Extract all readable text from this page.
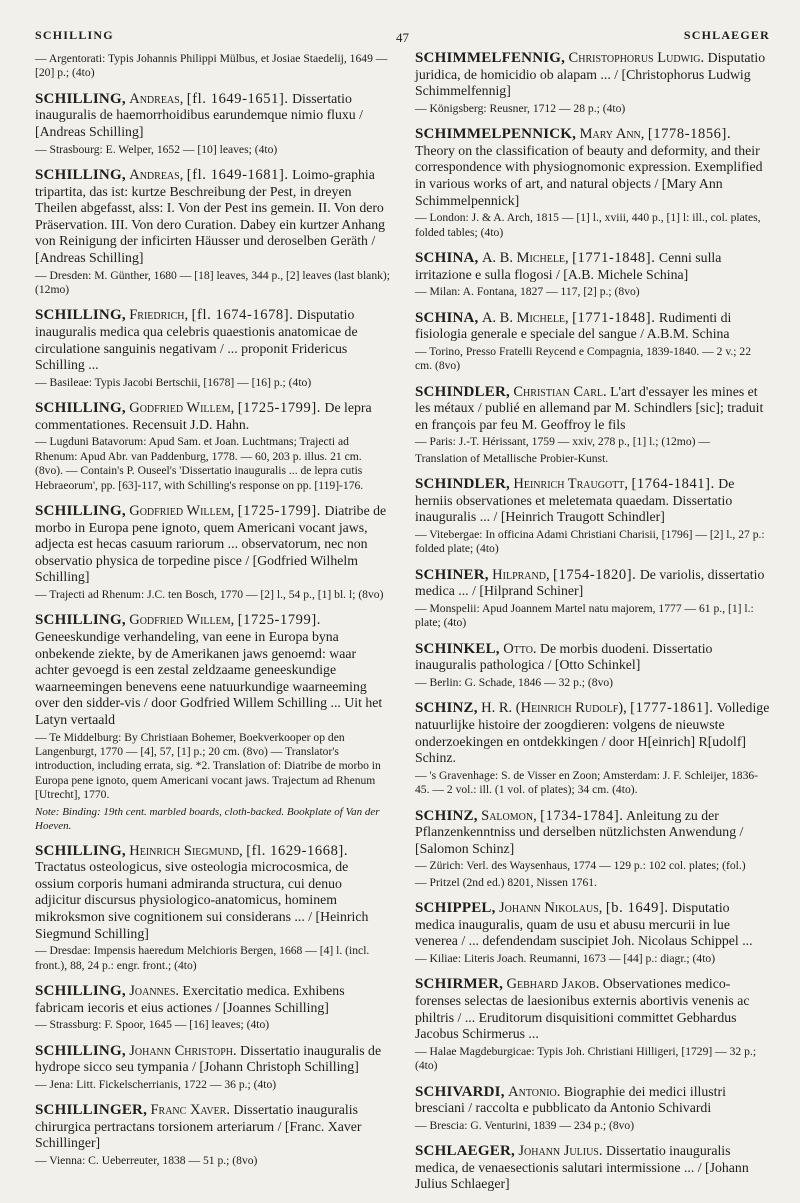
SCHILLING	47	SCHLAEGER
— Argentorati: Typis Johannis Philippi Mülbus, et Josiae Staedelij, 1649 — [20] p.; (4to)
SCHILLING, Andreas, [fl. 1649-1651]. Dissertatio inauguralis de haemorrhoidibus earundemque nimio fluxu / [Andreas Schilling]
— Strasbourg: E. Welper, 1652 — [10] leaves; (4to)
SCHILLING, Andreas, [fl. 1649-1681]. Loimo-graphia tripartita, das ist: kurtze Beschreibung der Pest, in dreyen Theilen abgefasst, alss: I. Von der Pest ins gemein. II. Von dero Präservation. III. Von dero Curation. Dabey ein kurtzer Anhang von Reinigung der inficirten Häusser und deroselben Geräth / [Andreas Schilling]
— Dresden: M. Günther, 1680 — [18] leaves, 344 p., [2] leaves (last blank); (12mo)
SCHILLING, Friedrich, [fl. 1674-1678]. Disputatio inauguralis medica qua celebris quaestionis anatomicae de circulatione sanguinis negativam / ... proponit Fridericus Schilling ...
— Basileae: Typis Jacobi Bertschii, [1678] — [16] p.; (4to)
SCHILLING, Godfried Willem, [1725-1799]. De lepra commentationes. Recensuit J.D. Hahn.
— Lugduni Batavorum: Apud Sam. et Joan. Luchtmans; Trajecti ad Rhenum: Apud Abr. van Paddenburg, 1778. — 60, 203 p. illus. 21 cm. (8vo). — Contain's P. Ouseel's 'Dissertatio inauguralis ... de lepra cutis Hebraeorum', pp. [63]-117, with Schilling's response on pp. [119]-176.
SCHILLING, Godfried Willem, [1725-1799]. Diatribe de morbo in Europa pene ignoto, quem Americani vocant jaws, adjecta est hecas casuum rariorum ... observatorum, nec non observatio physica de torpedine pisce / [Godfried Wilhelm Schilling]
— Trajecti ad Rhenum: J.C. ten Bosch, 1770 — [2] l., 54 p., [1] bl. l; (8vo)
SCHILLING, Godfried Willem, [1725-1799]. Geneeskundige verhandeling, van eene in Europa byna onbekende ziekte, by de Amerikanen jaws genoemd: waar achter gevoegd is een zestal zeldzaame geneeskundige waarneemingen benevens eene natuurkundige waarneeming over den sidder-vis / door Godfried Willem Schilling ... Uit het Latyn vertaald
— Te Middelburg: By Christiaan Bohemer, Boekverkooper op den Langenburgt, 1770 — [4], 57, [1] p.; 20 cm. (8vo) — Translator's introduction, including errata, sig. *2. Translation of: Diatribe de morbo in Europa pene ignoto, quem Americani vocant jaws. Trajectum ad Rhenum [Utrecht], 1770.
Note: Binding: 19th cent. marbled boards, cloth-backed. Bookplate of Van der Hoeven.
SCHILLING, Heinrich Siegmund, [fl. 1629-1668]. Tractatus osteologicus, sive osteologia microcosmica, de ossium corporis humani admiranda structura, cui denuo adjicitur discursus physiologico-anatomicus, hominem mikroksmon sive cognitionem sui considerans ... / [Heinrich Siegmund Schilling]
— Dresdae: Impensis haeredum Melchioris Bergen, 1668 — [4] l. (incl. front.), 88, 24 p.: engr. front.; (4to)
SCHILLING, Joannes. Exercitatio medica. Exhibens fabricam iecoris et eius actiones / [Joannes Schilling]
— Strassburg: F. Spoor, 1645 — [16] leaves; (4to)
SCHILLING, Johann Christoph. Dissertatio inauguralis de hydrope sicco seu tympania / [Johann Christoph Schilling]
— Jena: Litt. Fickelscherrianis, 1722 — 36 p.; (4to)
SCHILLINGER, Franc Xaver. Dissertatio inauguralis chirurgica pertractans torsionem arteriarum / [Franc. Xaver Schillinger]
— Vienna: C. Ueberreuter, 1838 — 51 p.; (8vo)
SCHIMMELFENNIG, Christophorus Ludwig. Disputatio juridica, de homicidio ob alapam ... / [Christophorus Ludwig Schimmelfennig]
— Königsberg: Reusner, 1712 — 28 p.; (4to)
SCHIMMELPENNICK, Mary Ann, [1778-1856]. Theory on the classification of beauty and deformity, and their correspondence with physiognomonic expression. Exemplified in various works of art, and natural objects / [Mary Ann Schimmelpennick]
— London: J. & A. Arch, 1815 — [1] l., xviii, 440 p., [1] l: ill., col. plates, folded tables; (4to)
SCHINA, A. B. Michele, [1771-1848]. Cenni sulla irritazione e sulla flogosi / [A.B. Michele Schina]
— Milan: A. Fontana, 1827 — 117, [2] p.; (8vo)
SCHINA, A. B. Michele, [1771-1848]. Rudimenti di fisiologia generale e speciale del sangue / A.B.M. Schina
— Torino, Presso Fratelli Reycend e Compagnia, 1839-1840. — 2 v.; 22 cm. (8vo)
SCHINDLER, Christian Carl. L'art d'essayer les mines et les métaux / publié en allemand par M. Schindlers [sic]; traduit en françois par feu M. Geoffroy le fils
— Paris: J.-T. Hérissant, 1759 — xxiv, 278 p., [1] l.; (12mo) —
Translation of Metallische Probier-Kunst.
SCHINDLER, Heinrich Traugott, [1764-1841]. De herniis observationes et meletemata quaedam. Dissertatio inauguralis ... / [Heinrich Traugott Schindler]
— Vitebergae: In officina Adami Christiani Charisii, [1796] — [2] l., 27 p.: folded plate; (4to)
SCHINER, Hilprand, [1754-1820]. De variolis, dissertatio medica ... / [Hilprand Schiner]
— Monspelii: Apud Joannem Martel natu majorem, 1777 — 61 p., [1] l.: plate; (4to)
SCHINKEL, Otto. De morbis duodeni. Dissertatio inauguralis pathologica / [Otto Schinkel]
— Berlin: G. Schade, 1846 — 32 p.; (8vo)
SCHINZ, H. R. (Heinrich Rudolf), [1777-1861]. Volledige natuurlijke histoire der zoogdieren: volgens de nieuwste onderzoekingen en ontdekkingen / door H[einrich] R[udolf] Schinz.
— 's Gravenhage: S. de Visser en Zoon; Amsterdam: J. F. Schleijer, 1836-45. — 2 vol.: ill. (1 vol. of plates); 34 cm. (4to).
SCHINZ, Salomon, [1734-1784]. Anleitung zu der Pflanzenkenntniss und derselben nützlichsten Anwendung / [Salomon Schinz]
— Zürich: Verl. des Waysenhaus, 1774 — 129 p.: 102 col. plates; (fol.)
— Pritzel (2nd ed.) 8201, Nissen 1761.
SCHIPPEL, Johann Nikolaus, [b. 1649]. Disputatio medica inauguralis, quam de usu et abusu mercurii in lue venerea / ... defendendam suscipiet Joh. Nicolaus Schippel ...
— Kiliae: Literis Joach. Reumanni, 1673 — [44] p.: diagr.; (4to)
SCHIRMER, Gebhard Jakob. Observationes medico-forenses selectas de laesionibus externis abortivis venenis ac philtris / ... Eruditorum disquisitioni committet Gebhardus Jacobus Schirmerus ...
— Halae Magdeburgicae: Typis Joh. Christiani Hilligeri, [1729] — 32 p.; (4to)
SCHIVARDI, Antonio. Biographie dei medici illustri bresciani / raccolta e pubblicato da Antonio Schivardi
— Brescia: G. Venturini, 1839 — 234 p.; (8vo)
SCHLAEGER, Johann Julius. Dissertatio inauguralis medica, de venaesectionis salutari intermissione ... / [Johann Julius Schlaeger]
